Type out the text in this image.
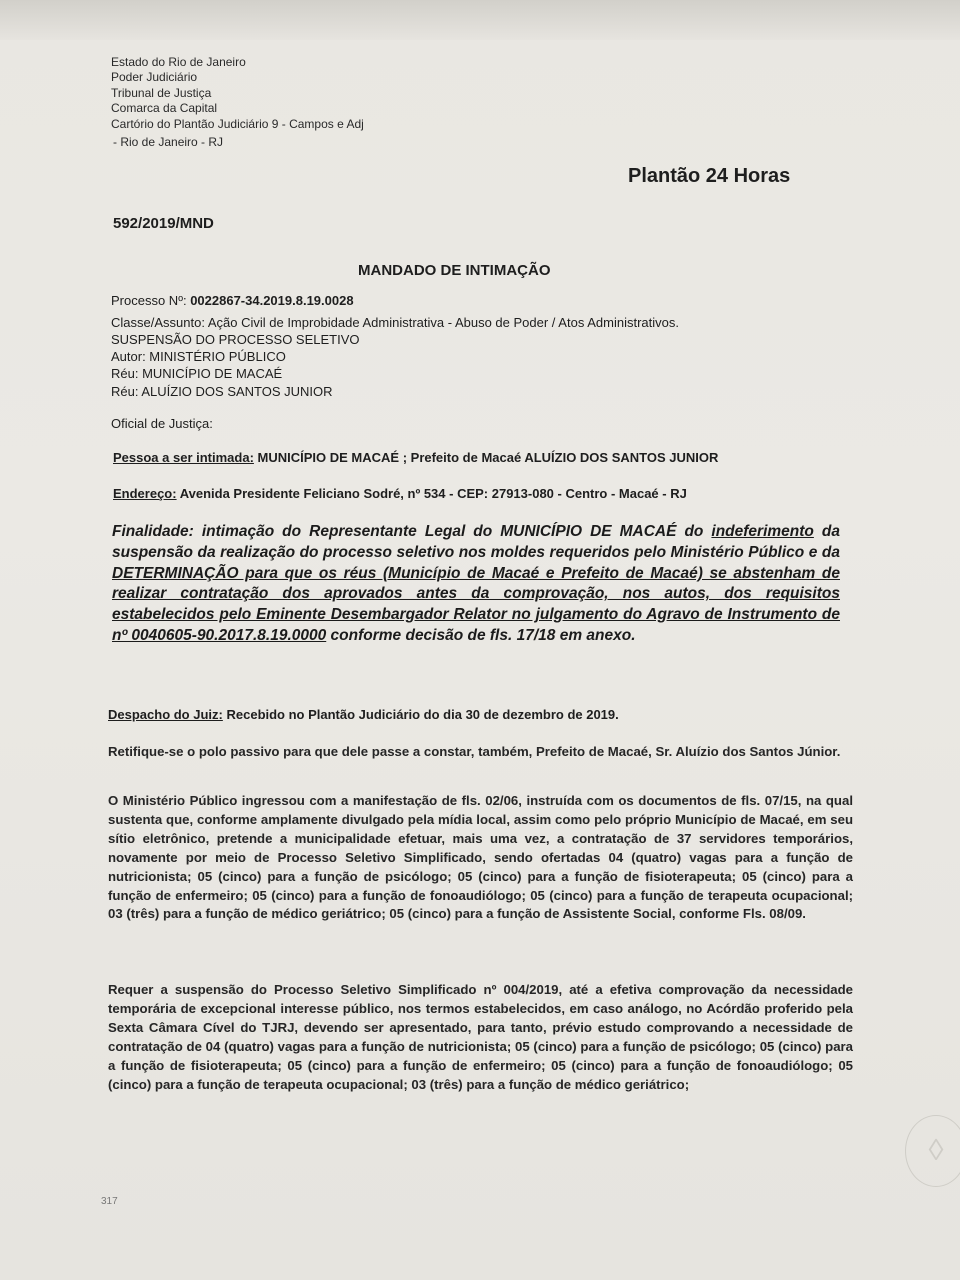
Estado do Rio de Janeiro
Poder Judiciário
Tribunal de Justiça
Comarca da Capital
Cartório do Plantão Judiciário 9 - Campos e Adj
- Rio de Janeiro - RJ
Plantão 24 Horas
592/2019/MND
MANDADO DE INTIMAÇÃO
Processo Nº: 0022867-34.2019.8.19.0028
Classe/Assunto: Ação Civil de Improbidade Administrativa - Abuso de Poder / Atos Administrativos.
SUSPENSÃO DO PROCESSO SELETIVO
Autor: MINISTÉRIO PÚBLICO
Réu: MUNICÍPIO DE MACAÉ
Réu: ALUÍZIO DOS SANTOS JUNIOR
Oficial de Justiça:
Pessoa a ser intimada: MUNICÍPIO DE MACAÉ ; Prefeito de Macaé ALUÍZIO DOS SANTOS JUNIOR
Endereço: Avenida Presidente Feliciano Sodré, nº 534 - CEP: 27913-080 - Centro - Macaé - RJ
Finalidade: intimação do Representante Legal do MUNICÍPIO DE MACAÉ do indeferimento da suspensão da realização do processo seletivo nos moldes requeridos pelo Ministério Público e da DETERMINAÇÃO para que os réus (Município de Macaé e Prefeito de Macaé) se abstenham de realizar contratação dos aprovados antes da comprovação, nos autos, dos requisitos estabelecidos pelo Eminente Desembargador Relator no julgamento do Agravo de Instrumento de nº 0040605-90.2017.8.19.0000 conforme decisão de fls. 17/18 em anexo.
Despacho do Juiz: Recebido no Plantão Judiciário do dia 30 de dezembro de 2019.
Retifique-se o polo passivo para que dele passe a constar, também, Prefeito de Macaé, Sr. Aluízio dos Santos Júnior.
O Ministério Público ingressou com a manifestação de fls. 02/06, instruída com os documentos de fls. 07/15, na qual sustenta que, conforme amplamente divulgado pela mídia local, assim como pelo próprio Município de Macaé, em seu sítio eletrônico, pretende a municipalidade efetuar, mais uma vez, a contratação de 37 servidores temporários, novamente por meio de Processo Seletivo Simplificado, sendo ofertadas 04 (quatro) vagas para a função de nutricionista; 05 (cinco) para a função de psicólogo; 05 (cinco) para a função de fisioterapeuta; 05 (cinco) para a função de enfermeiro; 05 (cinco) para a função de fonoaudiólogo; 05 (cinco) para a função de terapeuta ocupacional; 03 (três) para a função de médico geriátrico; 05 (cinco) para a função de Assistente Social, conforme Fls. 08/09.
Requer a suspensão do Processo Seletivo Simplificado nº 004/2019, até a efetiva comprovação da necessidade temporária de excepcional interesse público, nos termos estabelecidos, em caso análogo, no Acórdão proferido pela Sexta Câmara Cível do TJRJ, devendo ser apresentado, para tanto, prévio estudo comprovando a necessidade de contratação de 04 (quatro) vagas para a função de nutricionista; 05 (cinco) para a função de psicólogo; 05 (cinco) para a função de fisioterapeuta; 05 (cinco) para a função de enfermeiro; 05 (cinco) para a função de fonoaudiólogo; 05 (cinco) para a função de terapeuta ocupacional; 03 (três) para a função de médico geriátrico;
317
◊
